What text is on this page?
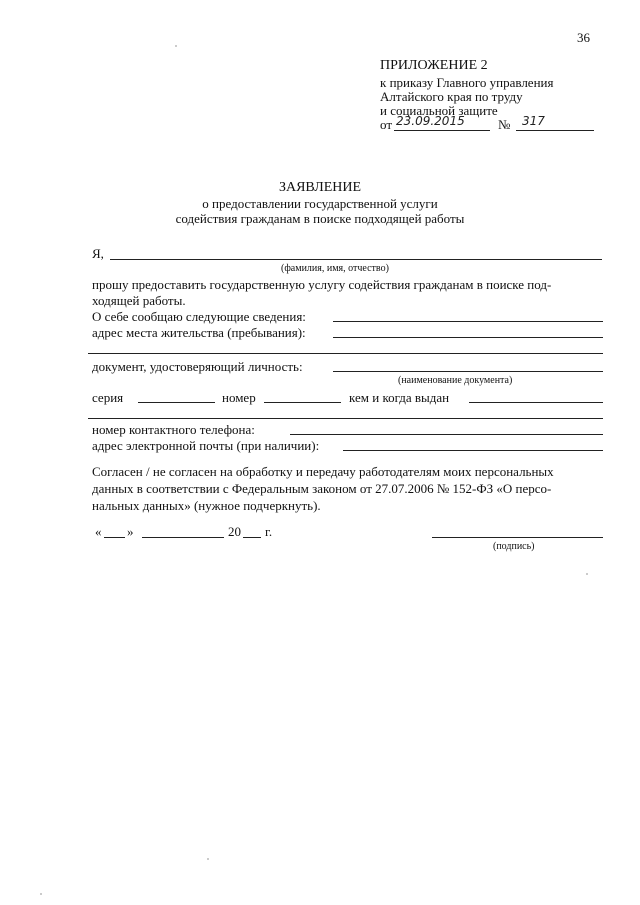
36
ПРИЛОЖЕНИЕ 2
к приказу Главного управления
Алтайского края по труду
и социальной защите
от 23.09.2015	№ 317
ЗАЯВЛЕНИЕ
о предоставлении государственной услуги
содействия гражданам в поиске подходящей работы
Я,
(фамилия, имя, отчество)
прошу предоставить государственную услугу содействия гражданам в поиске под-
ходящей работы.
О себе сообщаю следующие сведения:
адрес места жительства (пребывания):
документ, удостоверяющий личность:
(наименование документа)
серия	номер	кем и когда выдан
номер контактного телефона:
адрес электронной почты (при наличии):
Согласен / не согласен на обработку и передачу работодателям моих персональных
данных в соответствии с Федеральным законом от 27.07.2006 № 152-ФЗ «О персо-
нальных данных» (нужное подчеркнуть).
« »	20 г.
(подпись)
